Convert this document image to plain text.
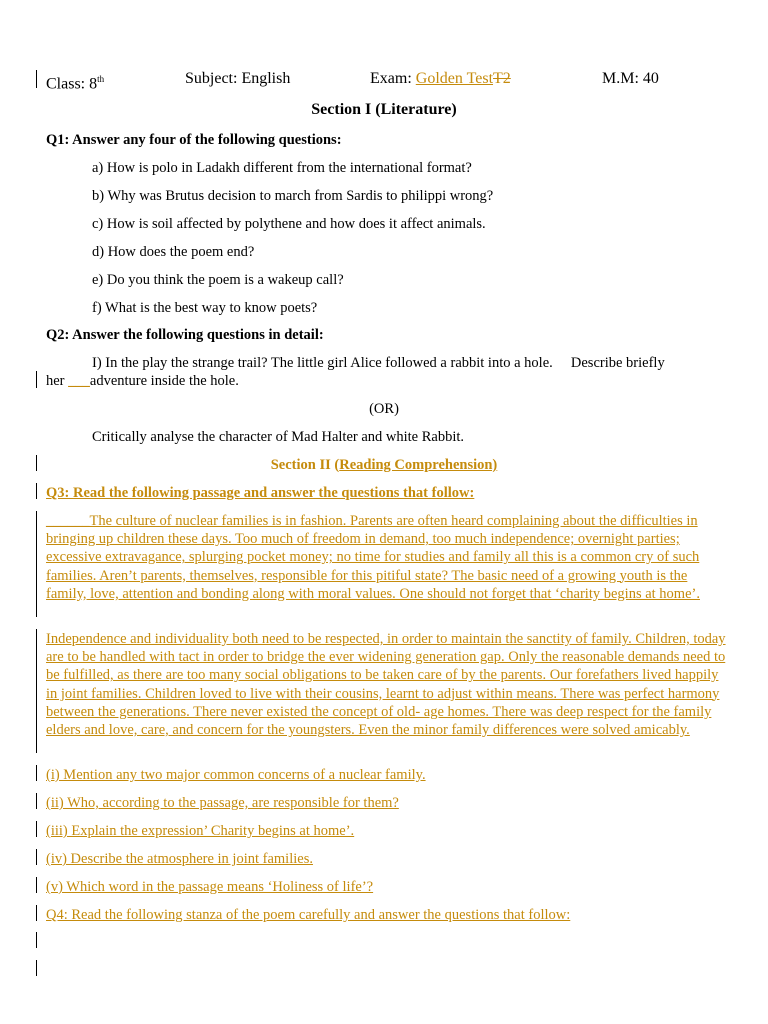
Class: 8th	Subject: English	Exam: Golden TestT2	M.M: 40
Section I (Literature)
Q1: Answer any four of the following questions:
a) How is polo in Ladakh different from the international format?
b) Why was Brutus decision to march from Sardis to philippi wrong?
c) How is soil affected by polythene and how does it affect animals.
d) How does the poem end?
e) Do you think the poem is a wakeup call?
f) What is the best way to know poets?
Q2: Answer the following questions in detail:
I) In the play the strange trail? The little girl Alice followed a rabbit into a hole.     Describe briefly
her ___adventure inside the hole.
(OR)
Critically analyse the character of Mad Halter and white Rabbit.
Section II (Reading Comprehension)
Q3: Read the following passage and answer the questions that follow:
______The culture of nuclear families is in fashion. Parents are often heard complaining about the difficulties in bringing up children these days. Too much of freedom in demand, too much independence; overnight parties; excessive extravagance, splurging pocket money; no time for studies and family all this is a common cry of such families. Aren’t parents, themselves, responsible for this pitiful state? The basic need of a growing youth is the family, love, attention and bonding along with moral values. One should not forget that ‘charity begins at home’.
Independence and individuality both need to be respected, in order to maintain the sanctity of family. Children, today are to be handled with tact in order to bridge the ever widening generation gap. Only the reasonable demands need to be fulfilled, as there are too many social obligations to be taken care of by the parents. Our forefathers lived happily in joint families. Children loved to live with their cousins, learnt to adjust within means. There was perfect harmony between the generations. There never existed the concept of old- age homes. There was deep respect for the family elders and love, care, and concern for the youngsters. Even the minor family differences were solved amicably.
(i) Mention any two major common concerns of a nuclear family.
(ii) Who, according to the passage, are responsible for them?
(iii) Explain the expression’ Charity begins at home’.
(iv) Describe the atmosphere in joint families.
(v) Which word in the passage means ‘Holiness of life’?
Q4: Read the following stanza of the poem carefully and answer the questions that follow:
